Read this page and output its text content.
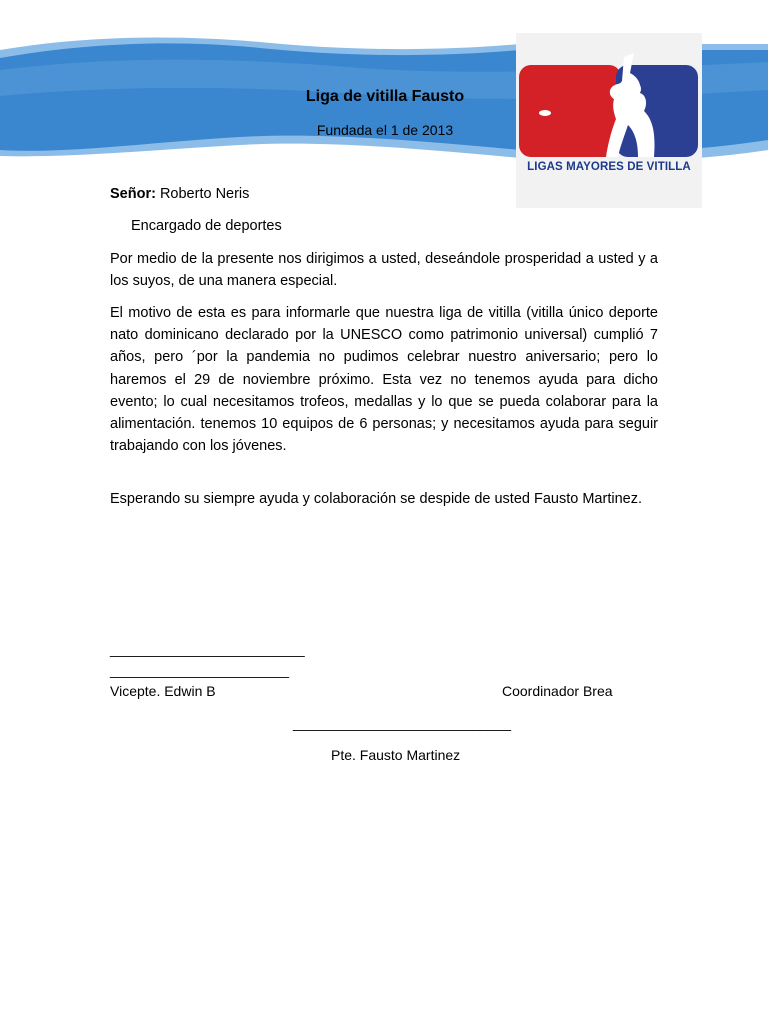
Liga de vitilla Fausto
Fundada el 1 de 2013
LIGAS MAYORES DE VITILLA
Señor: Roberto Neris
Encargado de deportes

Por medio de la presente nos dirigimos a usted, deseándole prosperidad a usted y a los suyos, de una manera especial.

El motivo de esta es para informarle que nuestra liga de vitilla (vitilla único deporte nato dominicano declarado por la UNESCO como patrimonio universal) cumplió 7 años, pero ´por la pandemia no pudimos celebrar nuestro aniversario; pero lo haremos el 29 de noviembre próximo. Esta vez no tenemos ayuda para dicho evento; lo cual necesitamos trofeos, medallas y lo que se pueda colaborar para la alimentación. tenemos 10 equipos de 6 personas; y necesitamos ayuda para seguir trabajando con los jóvenes.

Esperando su siempre ayuda y colaboración se despide de usted Fausto Martinez.

_________________________
_______________________
Vicepte. Edwin B	Coordinador Brea
____________________________
Pte. Fausto Martinez
